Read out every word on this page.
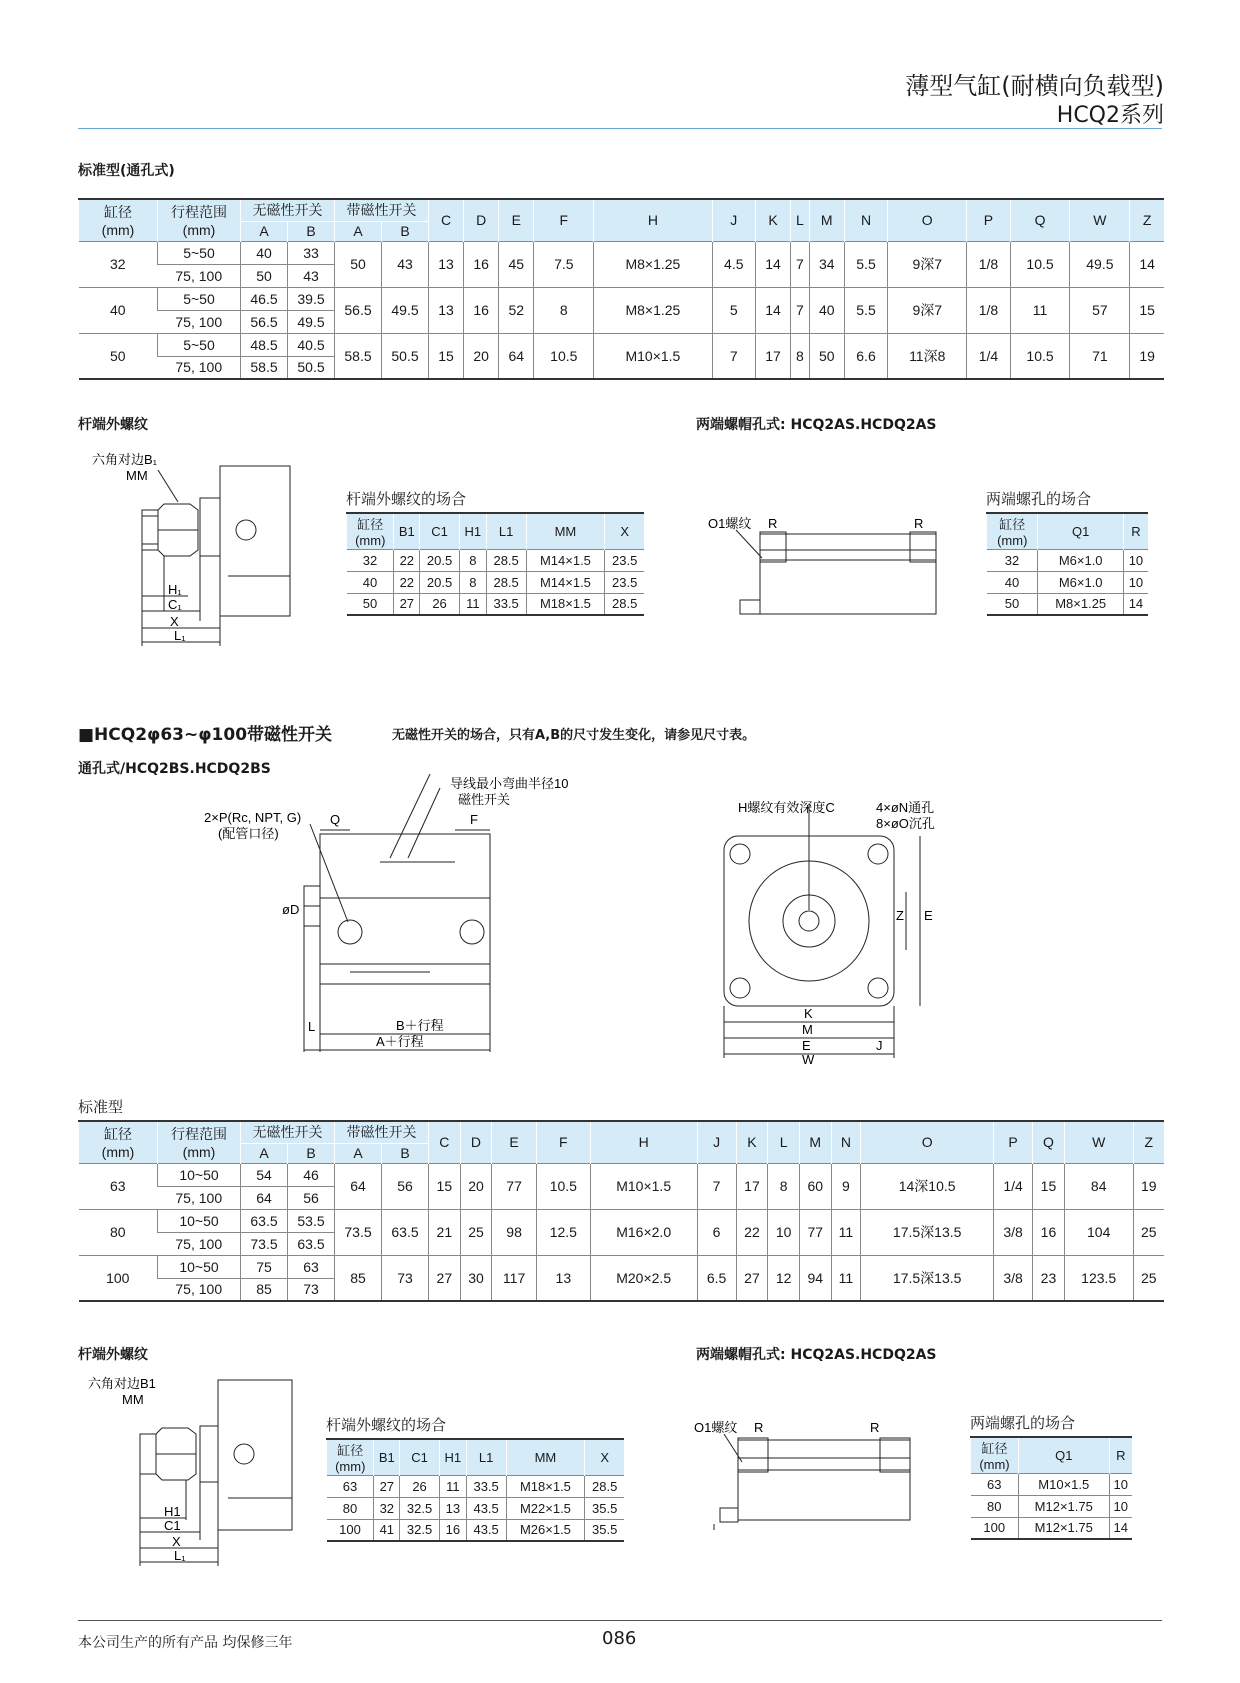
薄型气缸(耐横向负载型)
HCQ2系列
标准型(通孔式)
缸径
(mm)	行程范围
(mm)	无磁性开关		带磁性开关		C	D	E	F	H	J	K	L	M	N	O	P	Q	W	Z
		A	B	A	B															
32	5~50	40	33	50	43	13	16	45	7.5	M8×1.25	4.5	14	7	34	5.5	9深7	1/8	10.5	49.5	14
	75, 100	50	43																	
40	5~50	46.5	39.5	56.5	49.5	13	16	52	8	M8×1.25	5	14	7	40	5.5	9深7	1/8	11	57	15
	75, 100	56.5	49.5																	
50	5~50	48.5	40.5	58.5	50.5	15	20	64	10.5	M10×1.5	7	17	8	50	6.6	11深8	1/4	10.5	71	19
	75, 100	58.5	50.5																	
杆端外螺纹
六角对边B₁
MM
H₁
C₁
X
L₁
杆端外螺纹的场合
缸径
(mm)	B1	C1	H1	L1	MM	X
32	22	20.5	8	28.5	M14×1.5	23.5
40	22	20.5	8	28.5	M14×1.5	23.5
50	27	26	11	33.5	M18×1.5	28.5
两端螺帽孔式: HCQ2AS.HCDQ2AS
O1螺纹 R	R
两端螺孔的场合
缸径
(mm)	Q1	R
32	M6×1.0	10
40	M6×1.0	10
50	M8×1.25	14
■HCQ2φ63~φ100带磁性开关	无磁性开关的场合，只有A,B的尺寸发生变化，请参见尺寸表。
通孔式/HCQ2BS.HCDQ2BS
导线最小弯曲半径10
磁性开关
2×P(Rc, NPT, G)
(配管口径)
Q	F
øD
L	B＋行程
A＋行程
H螺纹有效深度C	4×øN通孔
8×øO沉孔
Z E
K
M
E	J
W
标准型
缸径
(mm)	行程范围
(mm)	无磁性开关		带磁性开关		C	D	E	F	H	J	K	L	M	N	O	P	Q	W	Z
		A	B	A	B															
63	10~50	54	46	64	56	15	20	77	10.5	M10×1.5	7	17	8	60	9	14深10.5	1/4	15	84	19
	75, 100	64	56																	
80	10~50	63.5	53.5	73.5	63.5	21	25	98	12.5	M16×2.0	6	22	10	77	11	17.5深13.5	3/8	16	104	25
	75, 100	73.5	63.5																	
100	10~50	75	63	85	73	27	30	117	13	M20×2.5	6.5	27	12	94	11	17.5深13.5	3/8	23	123.5	25
	75, 100	85	73																	
杆端外螺纹
六角对边B1
MM
H1
C1
X
L₁
杆端外螺纹的场合
缸径
(mm)	B1	C1	H1	L1	MM	X
63	27	26	11	33.5	M18×1.5	28.5
80	32	32.5	13	43.5	M22×1.5	35.5
100	41	32.5	16	43.5	M26×1.5	35.5
两端螺帽孔式: HCQ2AS.HCDQ2AS
O1螺纹 R	R	两端螺孔的场合
缸径
(mm)	Q1	R
63	M10×1.5	10
80	M12×1.75	10
100	M12×1.75	14
本公司生产的所有产品 均保修三年	086
